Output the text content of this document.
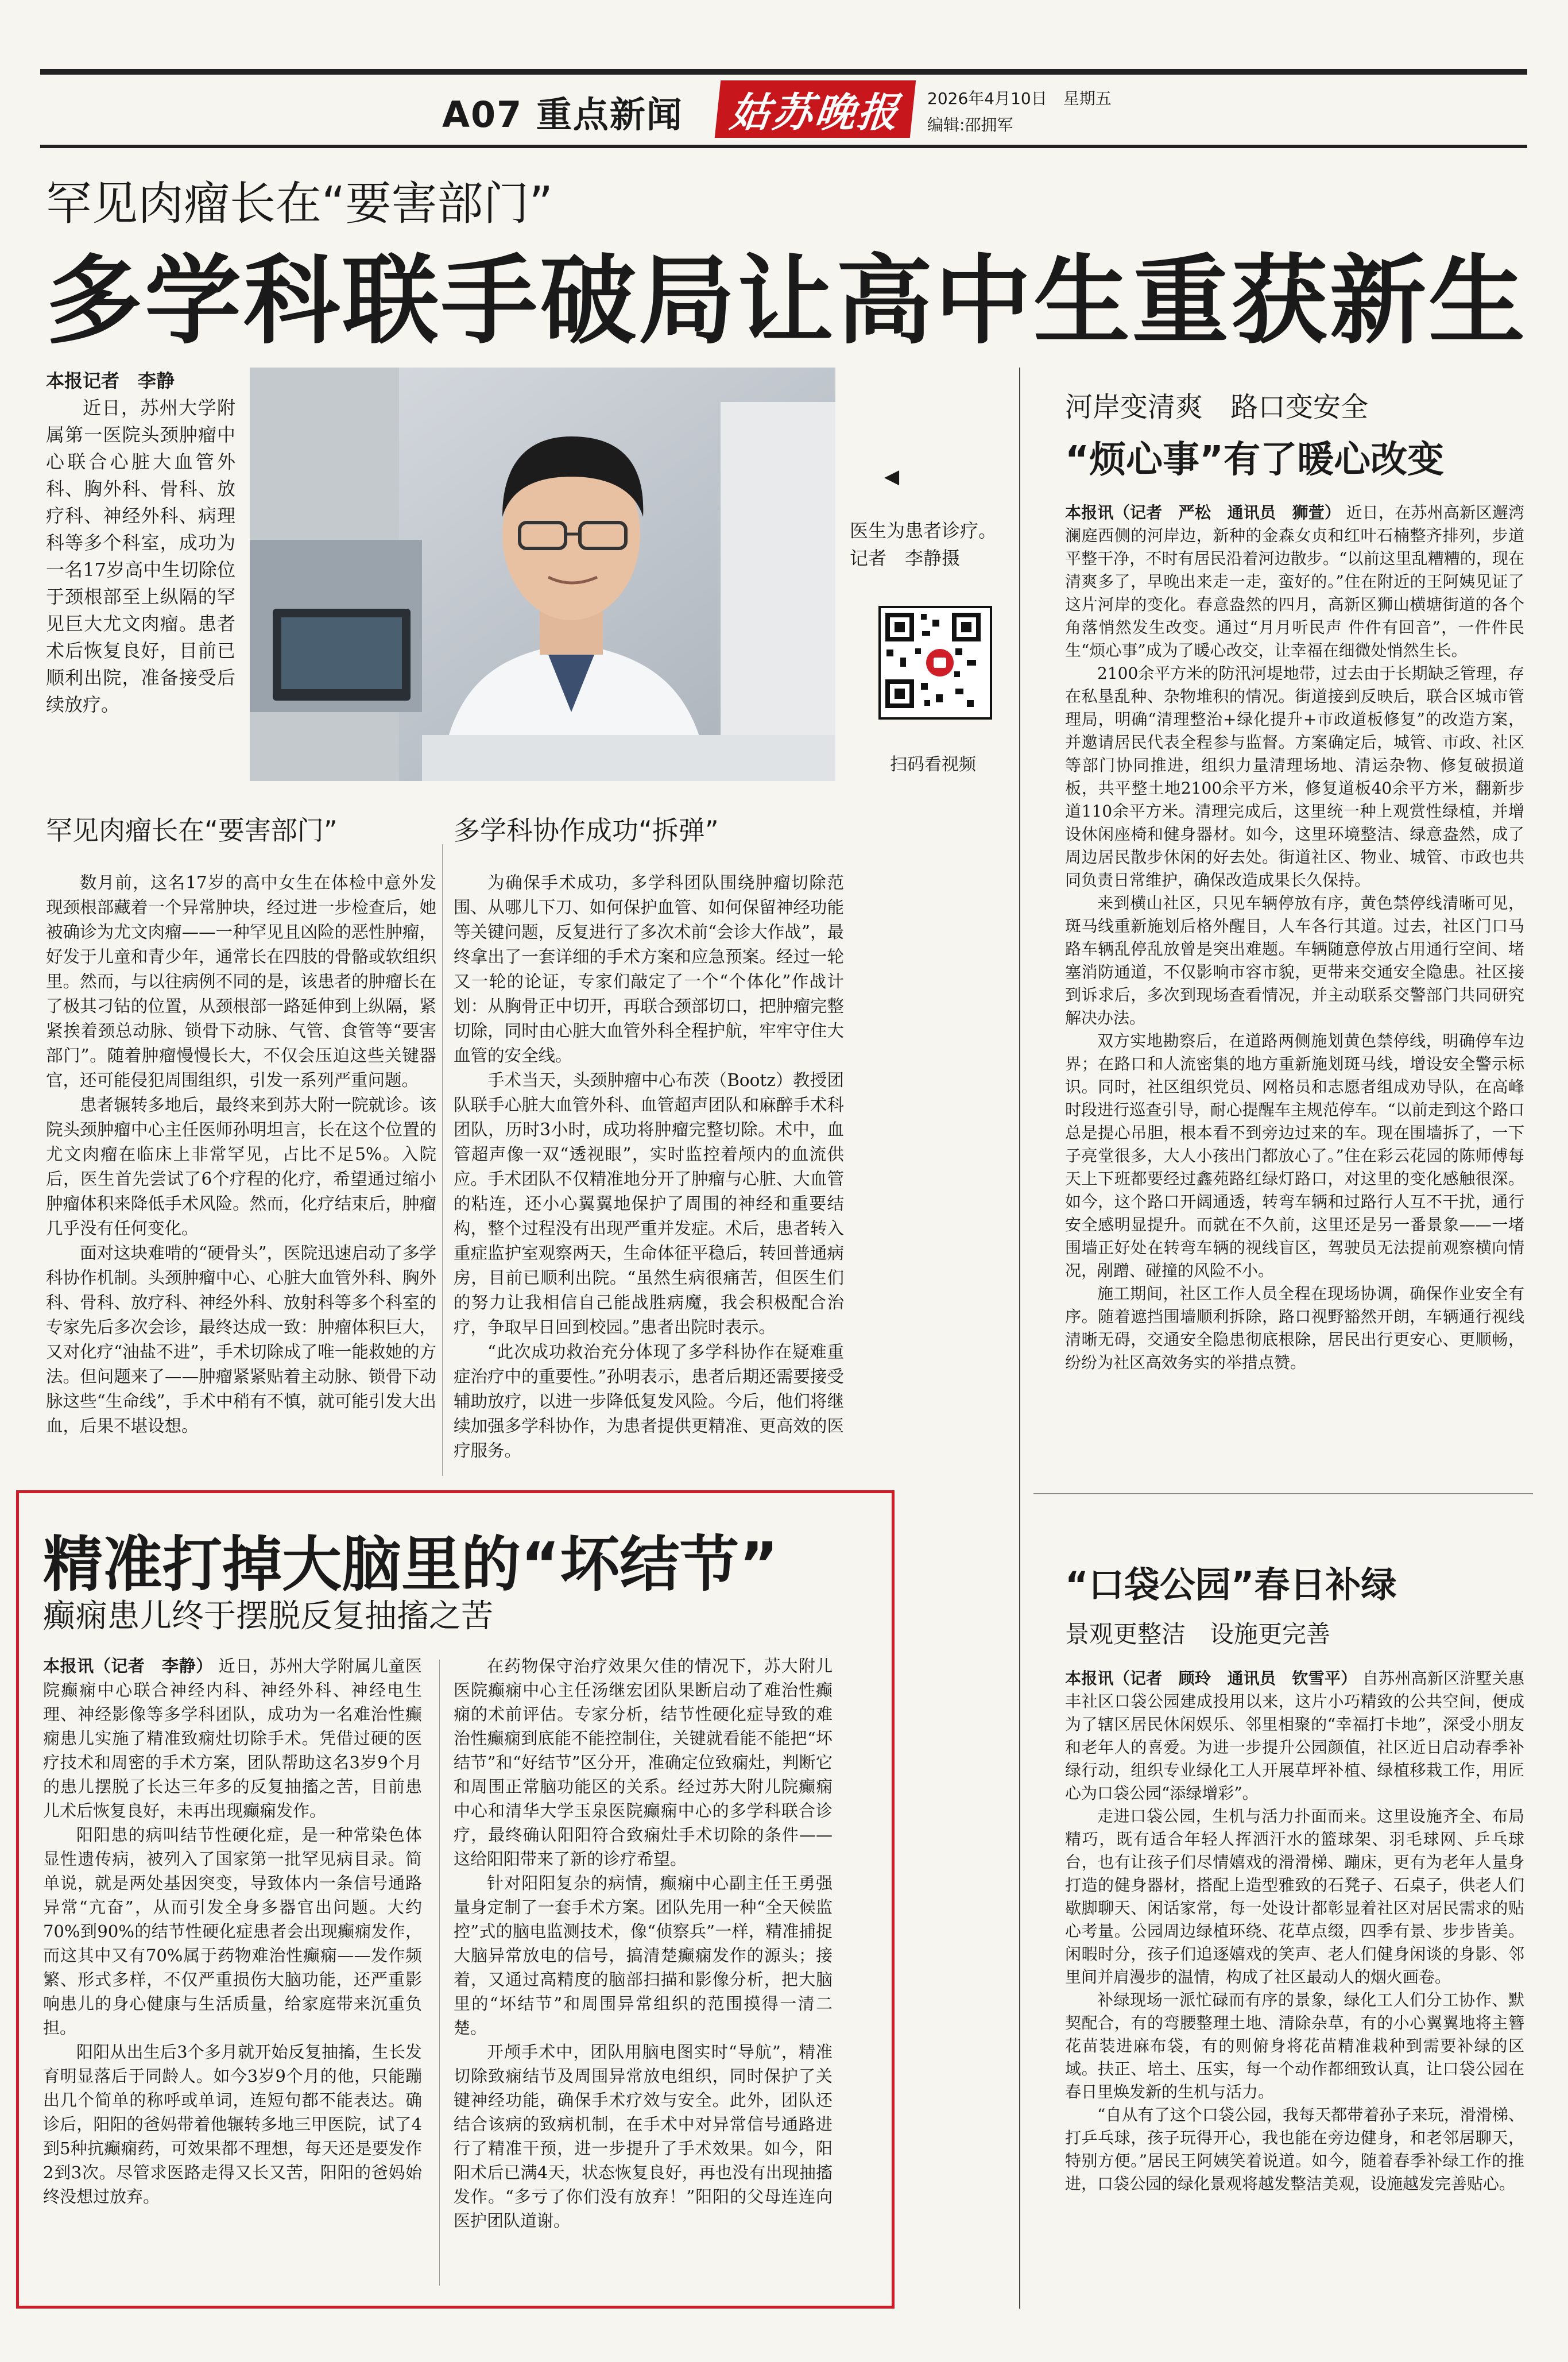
A07 重点新闻	姑苏晚报	2026年4月10日　星期五
编辑:邵拥军
罕见肉瘤长在“要害部门”
多学科联手破局让高中生重获新生
本报记者　李静

近日，苏州大学附属第一医院头颈肿瘤中心联合心脏大血管外科、胸外科、骨科、放疗科、神经外科、病理科等多个科室，成功为一名17岁高中生切除位于颈根部至上纵隔的罕见巨大尤文肉瘤。患者术后恢复良好，目前已顺利出院，准备接受后续放疗。

◀
医生为患者诊疗。　记者　李静摄
扫码看视频
罕见肉瘤长在“要害部门”

数月前，这名17岁的高中女生在体检中意外发现颈根部藏着一个异常肿块，经过进一步检查后，她被确诊为尤文肉瘤——一种罕见且凶险的恶性肿瘤，好发于儿童和青少年，通常长在四肢的骨骼或软组织里。然而，与以往病例不同的是，该患者的肿瘤长在了极其刁钻的位置，从颈根部一路延伸到上纵隔，紧紧挨着颈总动脉、锁骨下动脉、气管、食管等“要害部门”。随着肿瘤慢慢长大，不仅会压迫这些关键器官，还可能侵犯周围组织，引发一系列严重问题。

患者辗转多地后，最终来到苏大附一院就诊。该院头颈肿瘤中心主任医师孙明坦言，长在这个位置的尤文肉瘤在临床上非常罕见，占比不足5%。入院后，医生首先尝试了6个疗程的化疗，希望通过缩小肿瘤体积来降低手术风险。然而，化疗结束后，肿瘤几乎没有任何变化。

面对这块难啃的“硬骨头”，医院迅速启动了多学科协作机制。头颈肿瘤中心、心脏大血管外科、胸外科、骨科、放疗科、神经外科、放射科等多个科室的专家先后多次会诊，最终达成一致：肿瘤体积巨大，又对化疗“油盐不进”，手术切除成了唯一能救她的方法。但问题来了——肿瘤紧紧贴着主动脉、锁骨下动脉这些“生命线”，手术中稍有不慎，就可能引发大出血，后果不堪设想。

多学科协作成功“拆弹”

为确保手术成功，多学科团队围绕肿瘤切除范围、从哪儿下刀、如何保护血管、如何保留神经功能等关键问题，反复进行了多次术前“会诊大作战”，最终拿出了一套详细的手术方案和应急预案。经过一轮又一轮的论证，专家们敲定了一个“个体化”作战计划：从胸骨正中切开，再联合颈部切口，把肿瘤完整切除，同时由心脏大血管外科全程护航，牢牢守住大血管的安全线。

手术当天，头颈肿瘤中心布茨（Bootz）教授团队联手心脏大血管外科、血管超声团队和麻醉手术科团队，历时3小时，成功将肿瘤完整切除。术中，血管超声像一双“透视眼”，实时监控着颅内的血流供应。手术团队不仅精准地分开了肿瘤与心脏、大血管的粘连，还小心翼翼地保护了周围的神经和重要结构，整个过程没有出现严重并发症。术后，患者转入重症监护室观察两天，生命体征平稳后，转回普通病房，目前已顺利出院。“虽然生病很痛苦，但医生们的努力让我相信自己能战胜病魔，我会积极配合治疗，争取早日回到校园。”患者出院时表示。

“此次成功救治充分体现了多学科协作在疑难重症治疗中的重要性。”孙明表示，患者后期还需要接受辅助放疗，以进一步降低复发风险。今后，他们将继续加强多学科协作，为患者提供更精准、更高效的医疗服务。

精准打掉大脑里的“坏结节”
癫痫患儿终于摆脱反复抽搐之苦
本报讯（记者　李静） 近日，苏州大学附属儿童医院癫痫中心联合神经内科、神经外科、神经电生理、神经影像等多学科团队，成功为一名难治性癫痫患儿实施了精准致痫灶切除手术。凭借过硬的医疗技术和周密的手术方案，团队帮助这名3岁9个月的患儿摆脱了长达三年多的反复抽搐之苦，目前患儿术后恢复良好，未再出现癫痫发作。

阳阳患的病叫结节性硬化症，是一种常染色体显性遗传病，被列入了国家第一批罕见病目录。简单说，就是两处基因突变，导致体内一条信号通路异常“亢奋”，从而引发全身多器官出问题。大约70%到90%的结节性硬化症患者会出现癫痫发作，而这其中又有70%属于药物难治性癫痫——发作频繁、形式多样，不仅严重损伤大脑功能，还严重影响患儿的身心健康与生活质量，给家庭带来沉重负担。

阳阳从出生后3个多月就开始反复抽搐，生长发育明显落后于同龄人。如今3岁9个月的他，只能蹦出几个简单的称呼或单词，连短句都不能表达。确诊后，阳阳的爸妈带着他辗转多地三甲医院，试了4到5种抗癫痫药，可效果都不理想，每天还是要发作2到3次。尽管求医路走得又长又苦，阳阳的爸妈始终没想过放弃。

在药物保守治疗效果欠佳的情况下，苏大附儿医院癫痫中心主任汤继宏团队果断启动了难治性癫痫的术前评估。专家分析，结节性硬化症导致的难治性癫痫到底能不能控制住，关键就看能不能把“坏结节”和“好结节”区分开，准确定位致痫灶，判断它和周围正常脑功能区的关系。经过苏大附儿院癫痫中心和清华大学玉泉医院癫痫中心的多学科联合诊疗，最终确认阳阳符合致痫灶手术切除的条件——这给阳阳带来了新的诊疗希望。

针对阳阳复杂的病情，癫痫中心副主任王勇强量身定制了一套手术方案。团队先用一种“全天候监控”式的脑电监测技术，像“侦察兵”一样，精准捕捉大脑异常放电的信号，搞清楚癫痫发作的源头；接着，又通过高精度的脑部扫描和影像分析，把大脑里的“坏结节”和周围异常组织的范围摸得一清二楚。

开颅手术中，团队用脑电图实时“导航”，精准切除致痫结节及周围异常放电组织，同时保护了关键神经功能，确保手术疗效与安全。此外，团队还结合该病的致病机制，在手术中对异常信号通路进行了精准干预，进一步提升了手术效果。如今，阳阳术后已满4天，状态恢复良好，再也没有出现抽搐发作。“多亏了你们没有放弃！”阳阳的父母连连向医护团队道谢。

河岸变清爽　路口变安全
“烦心事”有了暖心改变
本报讯（记者　严松　通讯员　狮萱） 近日，在苏州高新区邂湾澜庭西侧的河岸边，新种的金森女贞和红叶石楠整齐排列，步道平整干净，不时有居民沿着河边散步。“以前这里乱糟糟的，现在清爽多了，早晚出来走一走，蛮好的。”住在附近的王阿姨见证了这片河岸的变化。春意盎然的四月，高新区狮山横塘街道的各个角落悄然发生改变。通过“月月听民声 件件有回音”，一件件民生“烦心事”成为了暖心改交，让幸福在细微处悄然生长。

2100余平方米的防汛河堤地带，过去由于长期缺乏管理，存在私垦乱种、杂物堆积的情况。街道接到反映后，联合区城市管理局，明确“清理整治+绿化提升+市政道板修复”的改造方案，并邀请居民代表全程参与监督。方案确定后，城管、市政、社区等部门协同推进，组织力量清理场地、清运杂物、修复破损道板，共平整土地2100余平方米，修复道板40余平方米，翻新步道110余平方米。清理完成后，这里统一种上观赏性绿植，并增设休闲座椅和健身器材。如今，这里环境整洁、绿意盎然，成了周边居民散步休闲的好去处。街道社区、物业、城管、市政也共同负责日常维护，确保改造成果长久保持。

来到横山社区，只见车辆停放有序，黄色禁停线清晰可见，斑马线重新施划后格外醒目，人车各行其道。过去，社区门口马路车辆乱停乱放曾是突出难题。车辆随意停放占用通行空间、堵塞消防通道，不仅影响市容市貌，更带来交通安全隐患。社区接到诉求后，多次到现场查看情况，并主动联系交警部门共同研究解决办法。

双方实地勘察后，在道路两侧施划黄色禁停线，明确停车边界；在路口和人流密集的地方重新施划斑马线，增设安全警示标识。同时，社区组织党员、网格员和志愿者组成劝导队，在高峰时段进行巡查引导，耐心提醒车主规范停车。“以前走到这个路口总是提心吊胆，根本看不到旁边过来的车。现在围墙拆了，一下子亮堂很多，大人小孩出门都放心了。”住在彩云花园的陈师傅每天上下班都要经过鑫苑路红绿灯路口，对这里的变化感触很深。如今，这个路口开阔通透，转弯车辆和过路行人互不干扰，通行安全感明显提升。而就在不久前，这里还是另一番景象——一堵围墙正好处在转弯车辆的视线盲区，驾驶员无法提前观察横向情况，剐蹭、碰撞的风险不小。

施工期间，社区工作人员全程在现场协调，确保作业安全有序。随着遮挡围墙顺利拆除，路口视野豁然开朗，车辆通行视线清晰无碍，交通安全隐患彻底根除，居民出行更安心、更顺畅，纷纷为社区高效务实的举措点赞。

“口袋公园”春日补绿
景观更整洁　设施更完善
本报讯（记者　顾玲　通讯员　钦雪平） 自苏州高新区浒墅关惠丰社区口袋公园建成投用以来，这片小巧精致的公共空间，便成为了辖区居民休闲娱乐、邻里相聚的“幸福打卡地”，深受小朋友和老年人的喜爱。为进一步提升公园颜值，社区近日启动春季补绿行动，组织专业绿化工人开展草坪补植、绿植移栽工作，用匠心为口袋公园“添绿增彩”。

走进口袋公园，生机与活力扑面而来。这里设施齐全、布局精巧，既有适合年轻人挥洒汗水的篮球架、羽毛球网、乒乓球台，也有让孩子们尽情嬉戏的滑滑梯、蹦床，更有为老年人量身打造的健身器材，搭配上造型雅致的石凳子、石桌子，供老人们歇脚聊天、闲话家常，每一处设计都彰显着社区对居民需求的贴心考量。公园周边绿植环绕、花草点缀，四季有景、步步皆美。闲暇时分，孩子们追逐嬉戏的笑声、老人们健身闲谈的身影、邻里间并肩漫步的温情，构成了社区最动人的烟火画卷。

补绿现场一派忙碌而有序的景象，绿化工人们分工协作、默契配合，有的弯腰整理土地、清除杂草，有的小心翼翼地将主簪花苗装进麻布袋，有的则俯身将花苗精准栽种到需要补绿的区域。扶正、培土、压实，每一个动作都细致认真，让口袋公园在春日里焕发新的生机与活力。

“自从有了这个口袋公园，我每天都带着孙子来玩，滑滑梯、打乒乓球，孩子玩得开心，我也能在旁边健身，和老邻居聊天，特别方便。”居民王阿姨笑着说道。如今，随着春季补绿工作的推进，口袋公园的绿化景观将越发整洁美观，设施越发完善贴心。
